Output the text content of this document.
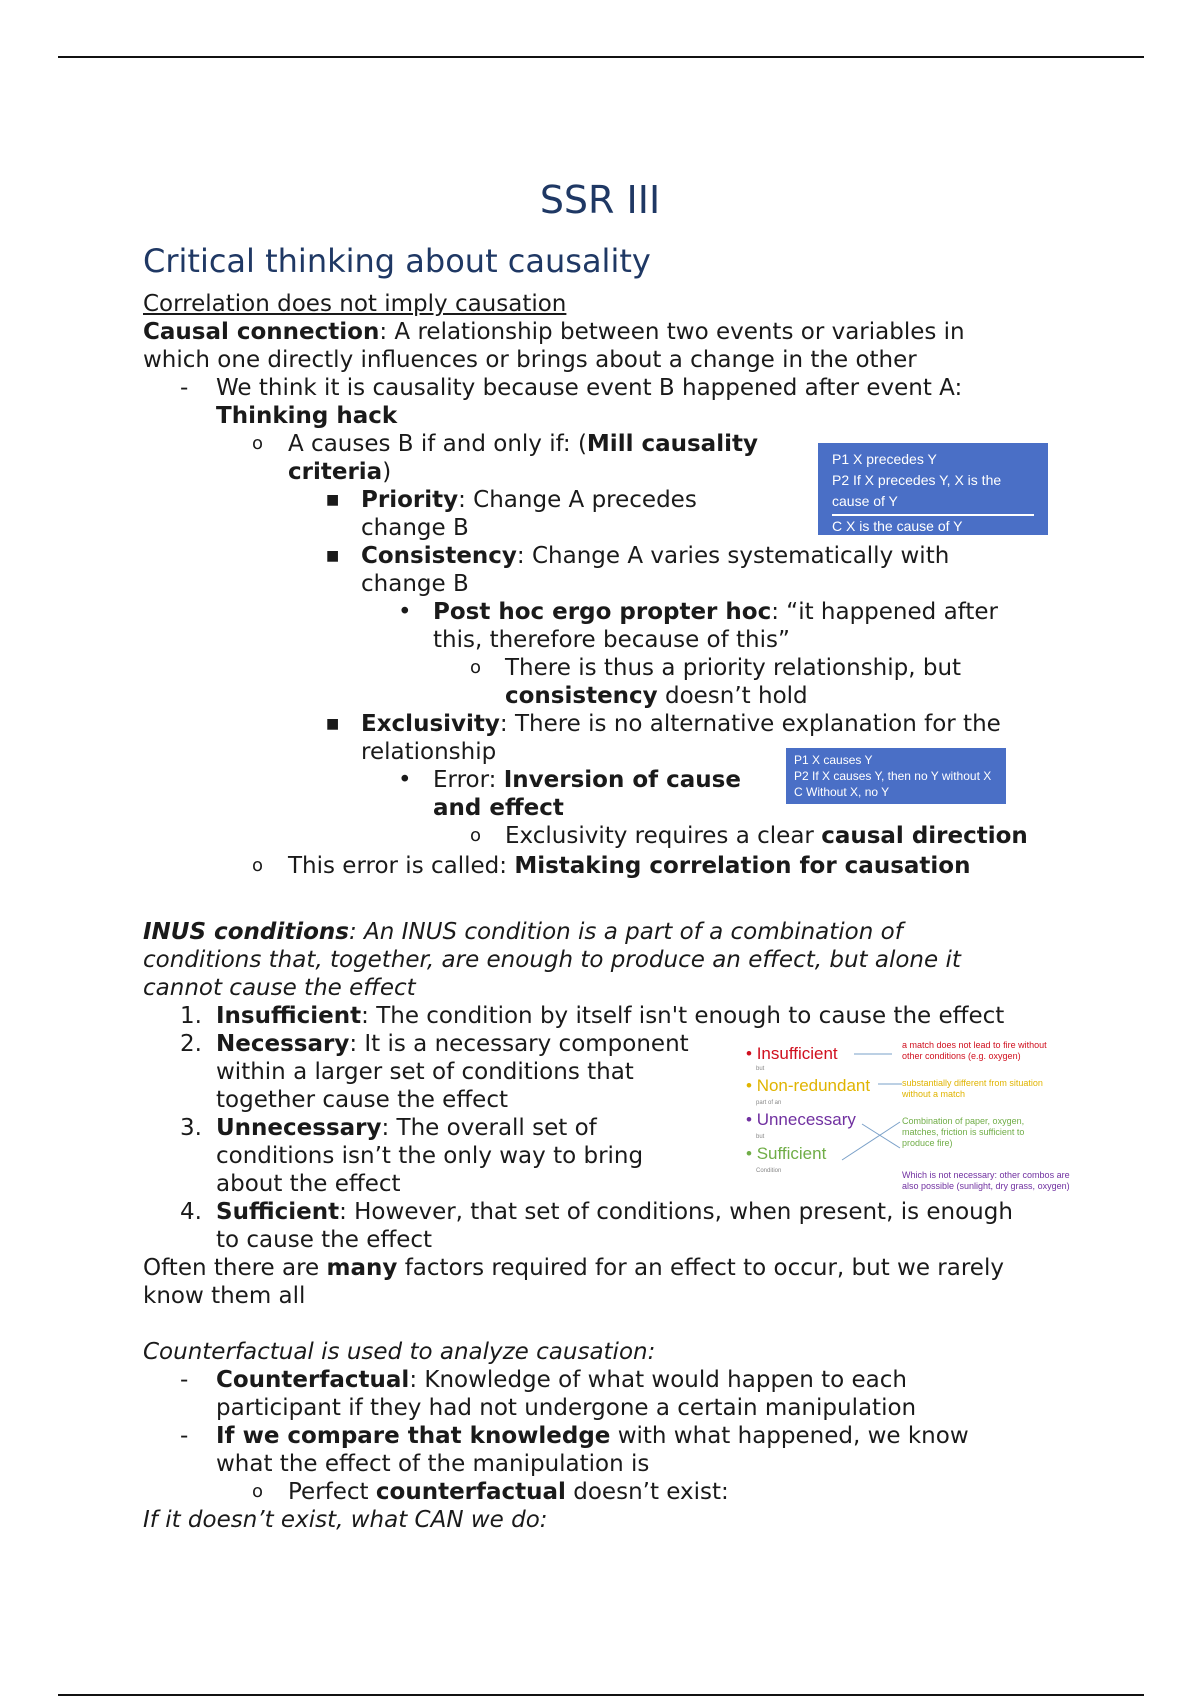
SSR III
Critical thinking about causality
Correlation does not imply causation
Causal connection: A relationship between two events or variables in
which one directly influences or brings about a change in the other
- We think it is causality because event B happened after event A:
Thinking hack
o A causes B if and only if: (Mill causality
criteria)
■ Priority: Change A precedes
change B
■ Consistency: Change A varies systematically with
change B
• Post hoc ergo propter hoc: “it happened after
this, therefore because of this”
o There is thus a priority relationship, but
consistency doesn’t hold
■ Exclusivity: There is no alternative explanation for the
relationship
• Error: Inversion of cause
and effect
o Exclusivity requires a clear causal direction
o This error is called: Mistaking correlation for causation
P1 X precedes Y
P2 If X precedes Y, X is the
cause of Y
C X is the cause of Y
P1 X causes Y
P2 If X causes Y, then no Y without X
C Without X, no Y
INUS conditions: An INUS condition is a part of a combination of
conditions that, together, are enough to produce an effect, but alone it
cannot cause the effect
1. Insufficient: The condition by itself isn't enough to cause the effect
2. Necessary: It is a necessary component
within a larger set of conditions that
together cause the effect
3. Unnecessary: The overall set of
conditions isn’t the only way to bring
about the effect
4. Sufficient: However, that set of conditions, when present, is enough
to cause the effect
Often there are many factors required for an effect to occur, but we rarely
know them all
• Insufficient
but
• Non-redundant
part of an
• Unnecessary
but
• Sufficient
Condition
a match does not lead to fire without
other conditions (e.g. oxygen)
substantially different from situation
without a match
Combination of paper, oxygen,
matches, friction is sufficient to
produce fire)
Which is not necessary: other combos are
also possible (sunlight, dry grass, oxygen)
Counterfactual is used to analyze causation:
- Counterfactual: Knowledge of what would happen to each
participant if they had not undergone a certain manipulation
- If we compare that knowledge with what happened, we know
what the effect of the manipulation is
o Perfect counterfactual doesn’t exist:
If it doesn’t exist, what CAN we do:
